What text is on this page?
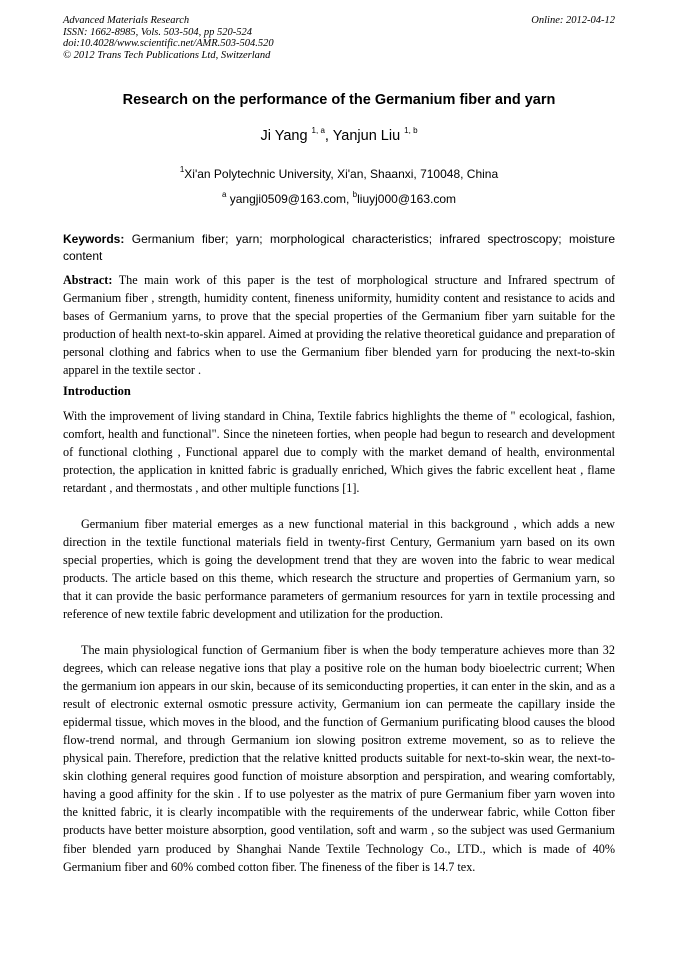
Advanced Materials Research
ISSN: 1662-8985, Vols. 503-504, pp 520-524
doi:10.4028/www.scientific.net/AMR.503-504.520
© 2012 Trans Tech Publications Ltd, Switzerland
Online: 2012-04-12
Research on the performance of the Germanium fiber and yarn
Ji Yang $^{1, a}$, Yanjun Liu $^{1, b}$
$^1$Xi'an Polytechnic University, Xi'an, Shaanxi, 710048, China
$^a$ yangji0509@163.com, $^b$liuyj000@163.com
Keywords: Germanium fiber; yarn; morphological characteristics; infrared spectroscopy; moisture content
Abstract: The main work of this paper is the test of morphological structure and Infrared spectrum of Germanium fiber , strength, humidity content, fineness uniformity, humidity content and resistance to acids and bases of Germanium yarns, to prove that the special properties of the Germanium fiber yarn suitable for the production of health next-to-skin apparel. Aimed at providing the relative theoretical guidance and preparation of personal clothing and fabrics when to use the Germanium fiber blended yarn for producing the next-to-skin apparel in the textile sector .
Introduction
With the improvement of living standard in China, Textile fabrics highlights the theme of " ecological, fashion, comfort, health and functional". Since the nineteen forties, when people had begun to research and development of functional clothing , Functional apparel due to comply with the market demand of health, environmental protection, the application in knitted fabric is gradually enriched, Which gives the fabric excellent heat , flame retardant , and thermostats , and other multiple functions [1].
Germanium fiber material emerges as a new functional material in this background , which adds a new direction in the textile functional materials field in twenty-first Century, Germanium yarn based on its own special properties, which is going the development trend that they are woven into the fabric to wear medical products. The article based on this theme, which research the structure and properties of Germanium yarn, so that it can provide the basic performance parameters of germanium resources for yarn in textile processing and reference of new textile fabric development and utilization for the production.
The main physiological function of Germanium fiber is when the body temperature achieves more than 32 degrees, which can release negative ions that play a positive role on the human body bioelectric current; When the germanium ion appears in our skin, because of its semiconducting properties, it can enter in the skin, and as a result of electronic external osmotic pressure activity, Germanium ion can permeate the capillary inside the epidermal tissue, which moves in the blood, and the function of Germanium purificating blood causes the blood flow-trend normal, and through Germanium ion slowing positron extreme movement, so as to relieve the physical pain. Therefore, prediction that the relative knitted products suitable for next-to-skin wear, the next-to-skin clothing general requires good function of moisture absorption and perspiration, and wearing comfortably, having a good affinity for the skin . If to use polyester as the matrix of pure Germanium fiber yarn woven into the knitted fabric, it is clearly incompatible with the requirements of the underwear fabric, while Cotton fiber products have better moisture absorption, good ventilation, soft and warm , so the subject was used Germanium fiber blended yarn produced by Shanghai Nande Textile Technology Co., LTD., which is made of 40% Germanium fiber and 60% combed cotton fiber. The fineness of the fiber is 14.7 tex.
